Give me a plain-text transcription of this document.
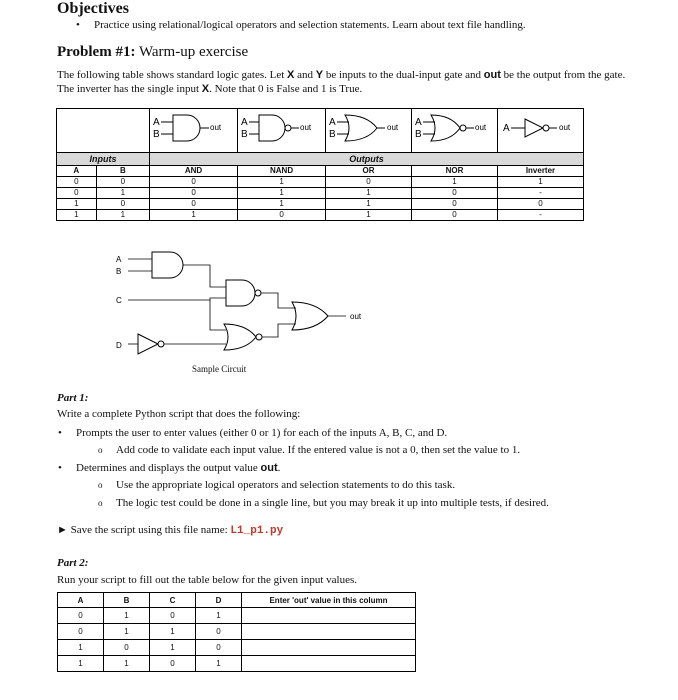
Objectives
• Practice using relational/logical operators and selection statements. Learn about text file handling.
Problem #1: Warm-up exercise
The following table shows standard logic gates. Let X and Y be inputs to the dual-input gate and out be the output from the gate. The inverter has the single input X. Note that 0 is False and 1 is True.

A
B
out	A
B
out	A
B
out	A
B
out	A out

Inputs		Outputs				
A	B	AND	NAND	OR	NOR	Inverter
0	0	0	1	0	1	1
0	1	0	1	1	0	-
1	0	0	1	1	0	0
1	1	1	0	1	0	-
A
B
C
D
out
Sample Circuit
Part 1:
Write a complete Python script that does the following:
• Prompts the user to enter values (either 0 or 1) for each of the inputs A, B, C, and D.
o Add code to validate each input value. If the entered value is not a 0, then set the value to 1.
• Determines and displays the output value out.
o Use the appropriate logical operators and selection statements to do this task.
o The logic test could be done in a single line, but you may break it up into multiple tests, if desired.
► Save the script using this file name: L1_p1.py
Part 2:
Run your script to fill out the table below for the given input values.
A	B	C	D	Enter 'out' value in this column
0	1	0	1	
0	1	1	0	
1	0	1	0	
1	1	0	1	
